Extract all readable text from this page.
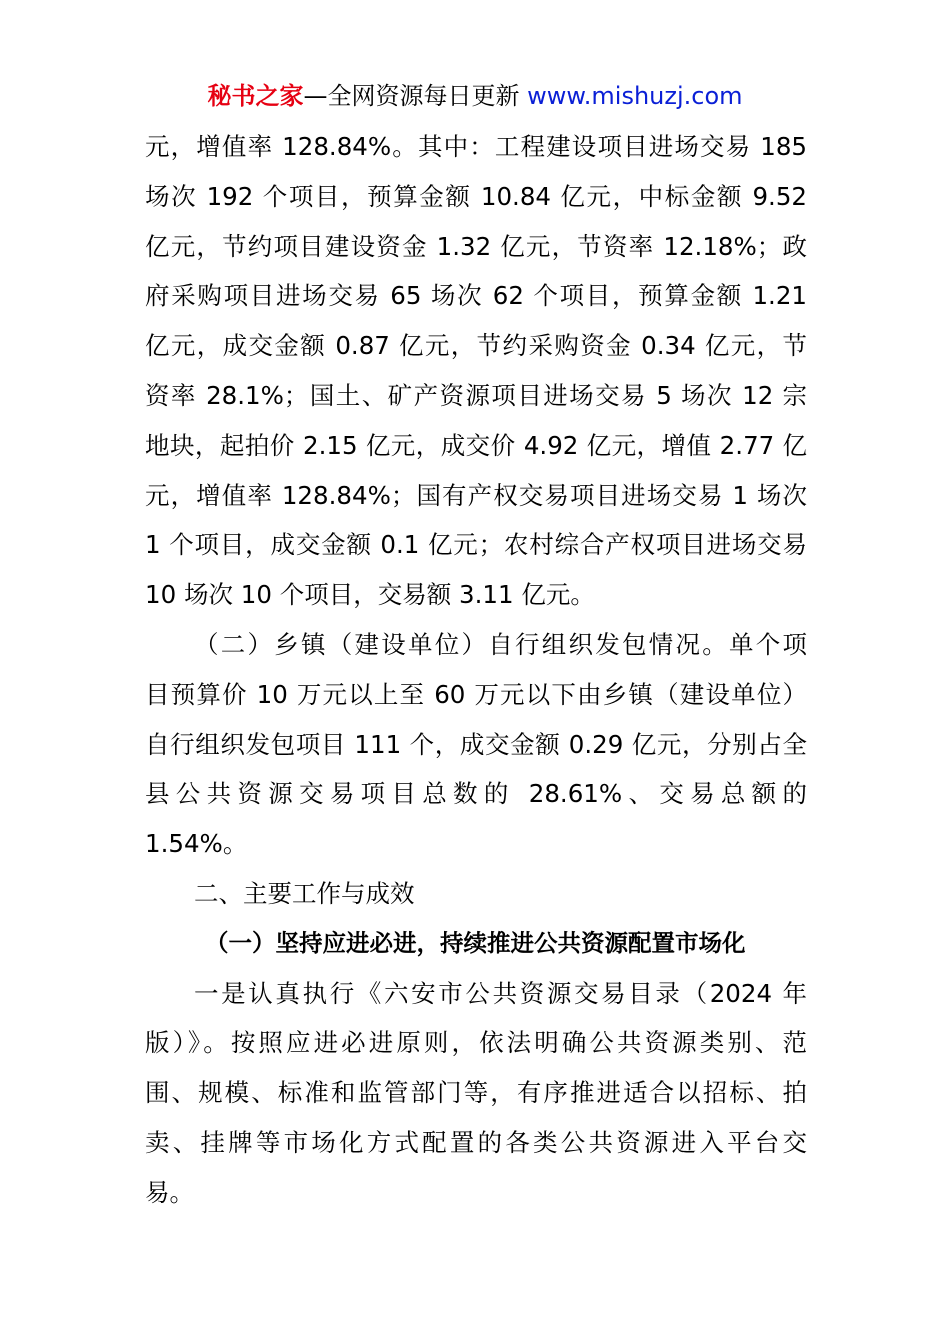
秘书之家—全网资源每日更新 www.mishuzj.com
元，增值率 128.84%。其中：工程建设项目进场交易 185
场次 192 个项目，预算金额 10.84 亿元，中标金额 9.52
亿元，节约项目建设资金 1.32 亿元，节资率 12.18%；政
府采购项目进场交易 65 场次 62 个项目，预算金额 1.21
亿元，成交金额 0.87 亿元，节约采购资金 0.34 亿元，节
资率 28.1%；国土、矿产资源项目进场交易 5 场次 12 宗
地块，起拍价 2.15 亿元，成交价 4.92 亿元，增值 2.77 亿
元，增值率 128.84%；国有产权交易项目进场交易 1 场次
1 个项目，成交金额 0.1 亿元；农村综合产权项目进场交易
10 场次 10 个项目，交易额 3.11 亿元。
（二）乡镇（建设单位）自行组织发包情况。单个项
目预算价 10 万元以上至 60 万元以下由乡镇（建设单位）
自行组织发包项目 111 个，成交金额 0.29 亿元，分别占全
县公共资源交易项目总数的 28.61%、交易总额的
1.54%。
二、主要工作与成效
（一）坚持应进必进，持续推进公共资源配置市场化
一是认真执行《六安市公共资源交易目录（2024 年
版）》。按照应进必进原则，依法明确公共资源类别、范
围、规模、标准和监管部门等，有序推进适合以招标、拍
卖、挂牌等市场化方式配置的各类公共资源进入平台交
易。
